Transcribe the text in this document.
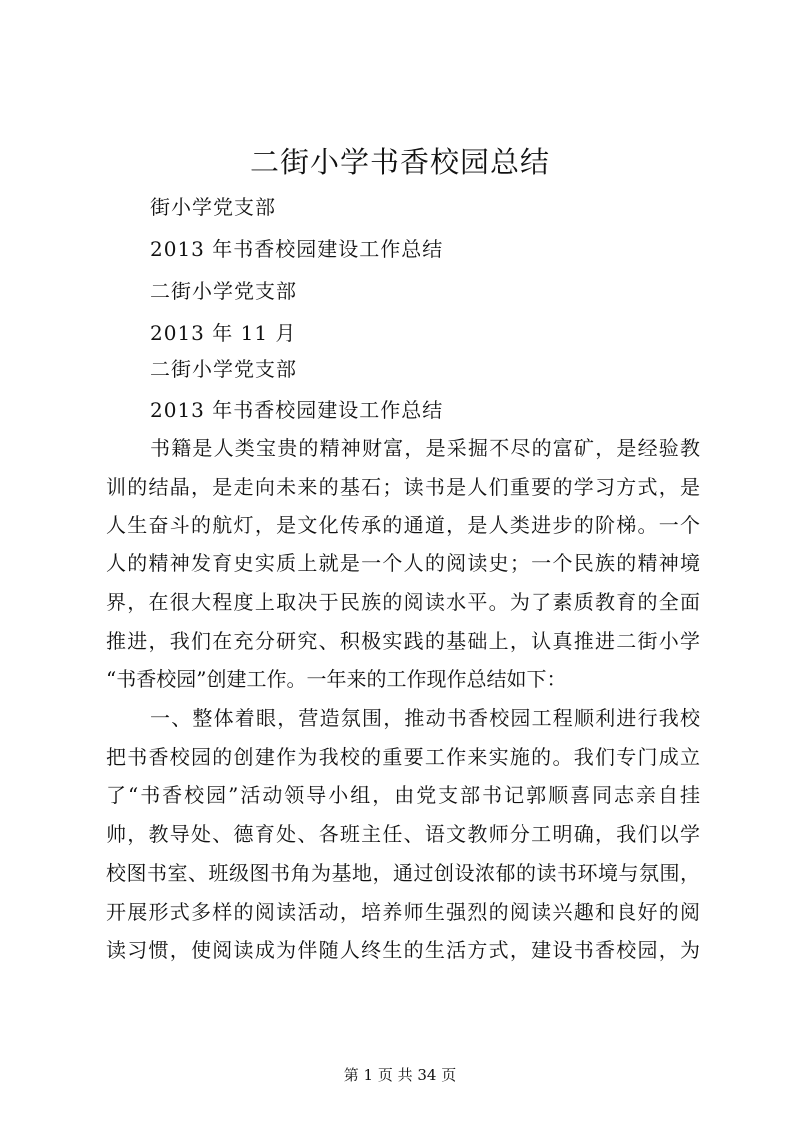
二街小学书香校园总结
街小学党支部
2013 年书香校园建设工作总结
二街小学党支部
2013 年 11 月
二街小学党支部
2013 年书香校园建设工作总结
书籍是人类宝贵的精神财富，是采掘不尽的富矿，是经验教
训的结晶，是走向未来的基石；读书是人们重要的学习方式，是
人生奋斗的航灯，是文化传承的通道，是人类进步的阶梯。一个
人的精神发育史实质上就是一个人的阅读史；一个民族的精神境
界，在很大程度上取决于民族的阅读水平。为了素质教育的全面
推进，我们在充分研究、积极实践的基础上，认真推进二街小学
“书香校园”创建工作。一年来的工作现作总结如下：
一、整体着眼，营造氛围，推动书香校园工程顺利进行我校
把书香校园的创建作为我校的重要工作来实施的。我们专门成立
了“书香校园”活动领导小组，由党支部书记郭顺喜同志亲自挂
帅，教导处、德育处、各班主任、语文教师分工明确，我们以学
校图书室、班级图书角为基地，通过创设浓郁的读书环境与氛围，
开展形式多样的阅读活动，培养师生强烈的阅读兴趣和良好的阅
读习惯，使阅读成为伴随人终生的生活方式，建设书香校园，为
第 1 页 共 34 页
